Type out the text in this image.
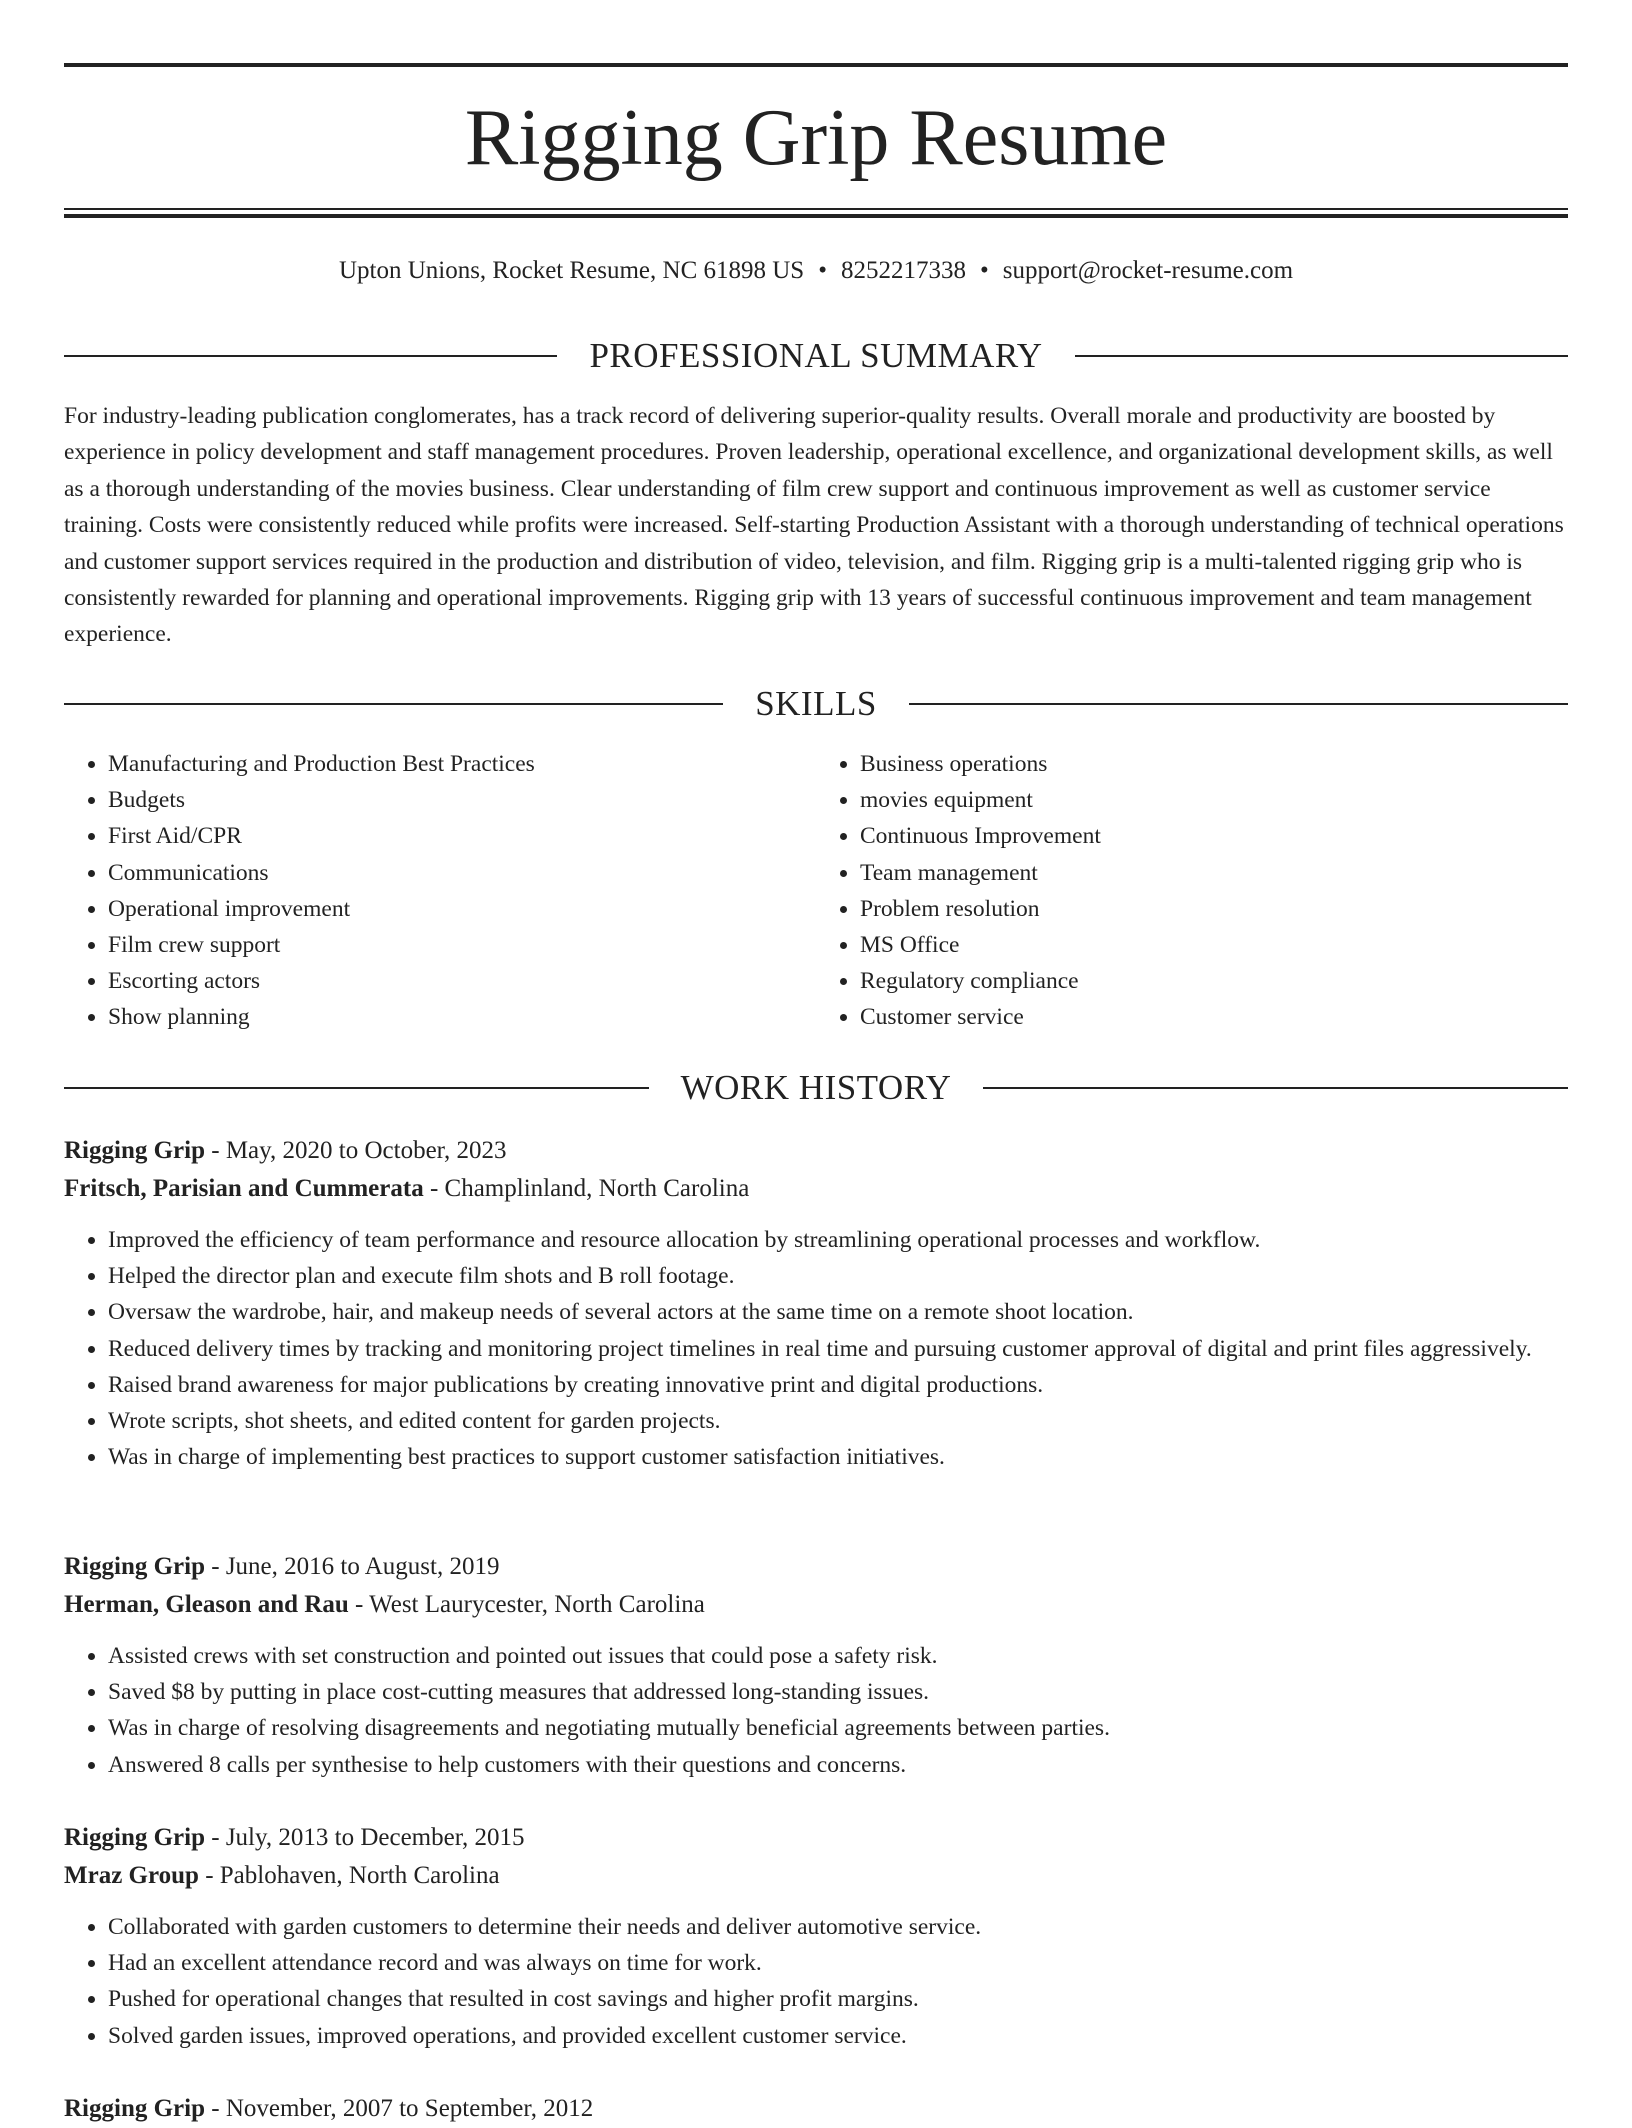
Rigging Grip Resume
Upton Unions, Rocket Resume, NC 61898 US • 8252217338 • support@rocket-resume.com
PROFESSIONAL SUMMARY

For industry-leading publication conglomerates, has a track record of delivering superior-quality results. Overall morale and productivity are boosted by experience in policy development and staff management procedures. Proven leadership, operational excellence, and organizational development skills, as well as a thorough understanding of the movies business. Clear understanding of film crew support and continuous improvement as well as customer service training. Costs were consistently reduced while profits were increased. Self-starting Production Assistant with a thorough understanding of technical operations and customer support services required in the production and distribution of video, television, and film. Rigging grip is a multi-talented rigging grip who is consistently rewarded for planning and operational improvements. Rigging grip with 13 years of successful continuous improvement and team management experience.

SKILLS
• Manufacturing and Production Best Practices
• Budgets
• First Aid/CPR
• Communications
• Operational improvement
• Film crew support
• Escorting actors
• Show planning
• Business operations
• movies equipment
• Continuous Improvement
• Team management
• Problem resolution
• MS Office
• Regulatory compliance
• Customer service
WORK HISTORY
Rigging Grip - May, 2020 to October, 2023
Fritsch, Parisian and Cummerata - Champlinland, North Carolina
• Improved the efficiency of team performance and resource allocation by streamlining operational processes and workflow.
• Helped the director plan and execute film shots and B roll footage.
• Oversaw the wardrobe, hair, and makeup needs of several actors at the same time on a remote shoot location.
• Reduced delivery times by tracking and monitoring project timelines in real time and pursuing customer approval of digital and print files aggressively.
• Raised brand awareness for major publications by creating innovative print and digital productions.
• Wrote scripts, shot sheets, and edited content for garden projects.
• Was in charge of implementing best practices to support customer satisfaction initiatives.
Rigging Grip - June, 2016 to August, 2019
Herman, Gleason and Rau - West Laurycester, North Carolina
• Assisted crews with set construction and pointed out issues that could pose a safety risk.
• Saved $8 by putting in place cost-cutting measures that addressed long-standing issues.
• Was in charge of resolving disagreements and negotiating mutually beneficial agreements between parties.
• Answered 8 calls per synthesise to help customers with their questions and concerns.
Rigging Grip - July, 2013 to December, 2015
Mraz Group - Pablohaven, North Carolina
• Collaborated with garden customers to determine their needs and deliver automotive service.
• Had an excellent attendance record and was always on time for work.
• Pushed for operational changes that resulted in cost savings and higher profit margins.
• Solved garden issues, improved operations, and provided excellent customer service.
Rigging Grip - November, 2007 to September, 2012
